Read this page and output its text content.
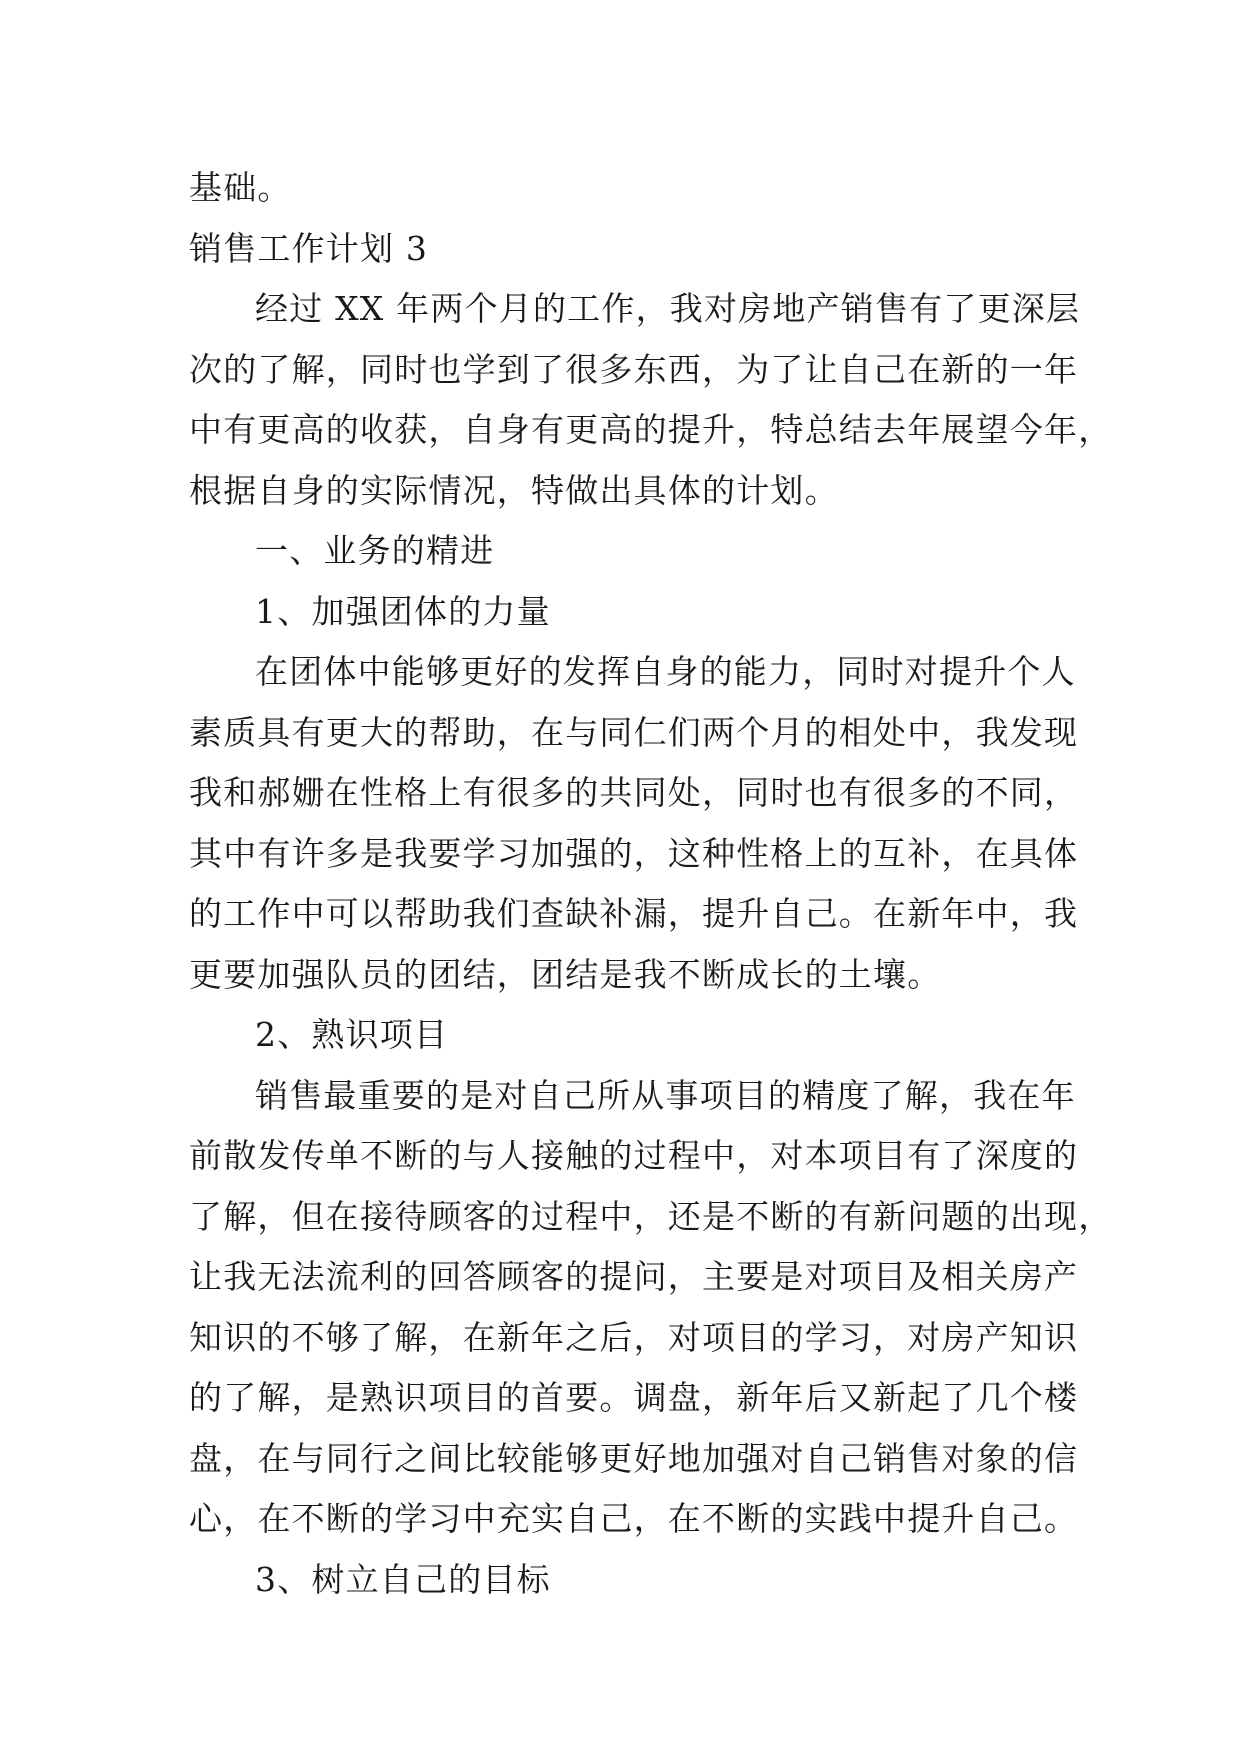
基础。
销售工作计划 3
经过 XX 年两个月的工作，我对房地产销售有了更深层
次的了解，同时也学到了很多东西，为了让自己在新的一年
中有更高的收获，自身有更高的提升，特总结去年展望今年，
根据自身的实际情况，特做出具体的计划。
一、业务的精进
1、加强团体的力量
在团体中能够更好的发挥自身的能力，同时对提升个人
素质具有更大的帮助，在与同仁们两个月的相处中，我发现
我和郝姗在性格上有很多的共同处，同时也有很多的不同，
其中有许多是我要学习加强的，这种性格上的互补，在具体
的工作中可以帮助我们查缺补漏，提升自己。在新年中，我
更要加强队员的团结，团结是我不断成长的土壤。
2、熟识项目
销售最重要的是对自己所从事项目的精度了解，我在年
前散发传单不断的与人接触的过程中，对本项目有了深度的
了解，但在接待顾客的过程中，还是不断的有新问题的出现，
让我无法流利的回答顾客的提问，主要是对项目及相关房产
知识的不够了解，在新年之后，对项目的学习，对房产知识
的了解，是熟识项目的首要。调盘，新年后又新起了几个楼
盘，在与同行之间比较能够更好地加强对自己销售对象的信
心，在不断的学习中充实自己，在不断的实践中提升自己。
3、树立自己的目标
